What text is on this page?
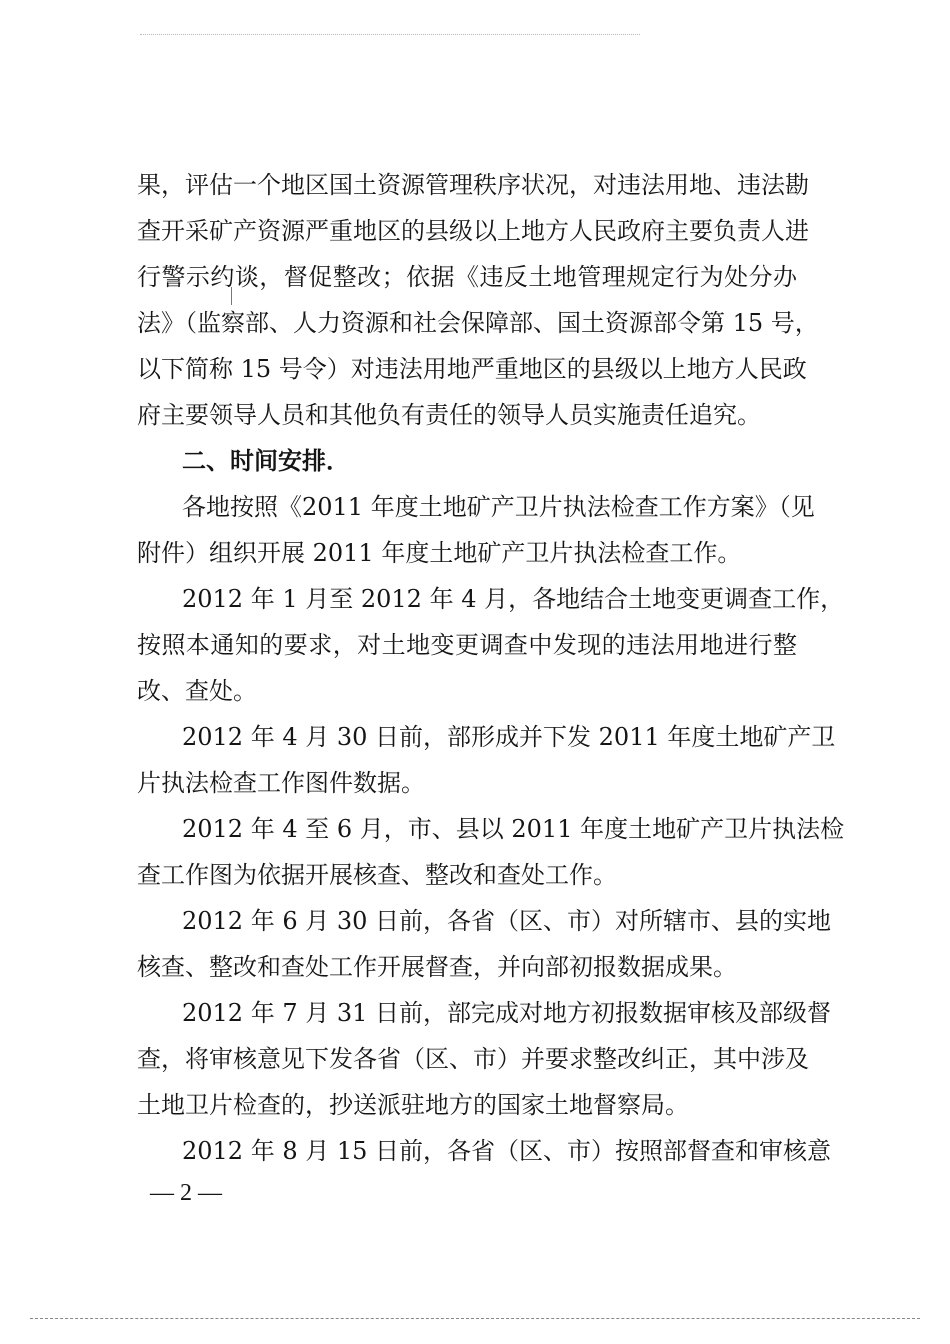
果，评估一个地区国土资源管理秩序状况，对违法用地、违法勘
查开采矿产资源严重地区的县级以上地方人民政府主要负责人进
行警示约谈，督促整改；依据《违反土地管理规定行为处分办
法》（监察部、人力资源和社会保障部、国土资源部令第 15 号，
以下简称 15 号令）对违法用地严重地区的县级以上地方人民政
府主要领导人员和其他负有责任的领导人员实施责任追究。
二、时间安排．
各地按照《2011 年度土地矿产卫片执法检查工作方案》（见
附件）组织开展 2011 年度土地矿产卫片执法检查工作。
2012 年 1 月至 2012 年 4 月，各地结合土地变更调查工作，
按照本通知的要求，对土地变更调查中发现的违法用地进行整
改、查处。
2012 年 4 月 30 日前，部形成并下发 2011 年度土地矿产卫
片执法检查工作图件数据。
2012 年 4 至 6 月，市、县以 2011 年度土地矿产卫片执法检
查工作图为依据开展核查、整改和查处工作。
2012 年 6 月 30 日前，各省（区、市）对所辖市、县的实地
核查、整改和查处工作开展督查，并向部初报数据成果。
2012 年 7 月 31 日前，部完成对地方初报数据审核及部级督
查，将审核意见下发各省（区、市）并要求整改纠正，其中涉及
土地卫片检查的，抄送派驻地方的国家土地督察局。
2012 年 8 月 15 日前，各省（区、市）按照部督查和审核意
— 2 —
